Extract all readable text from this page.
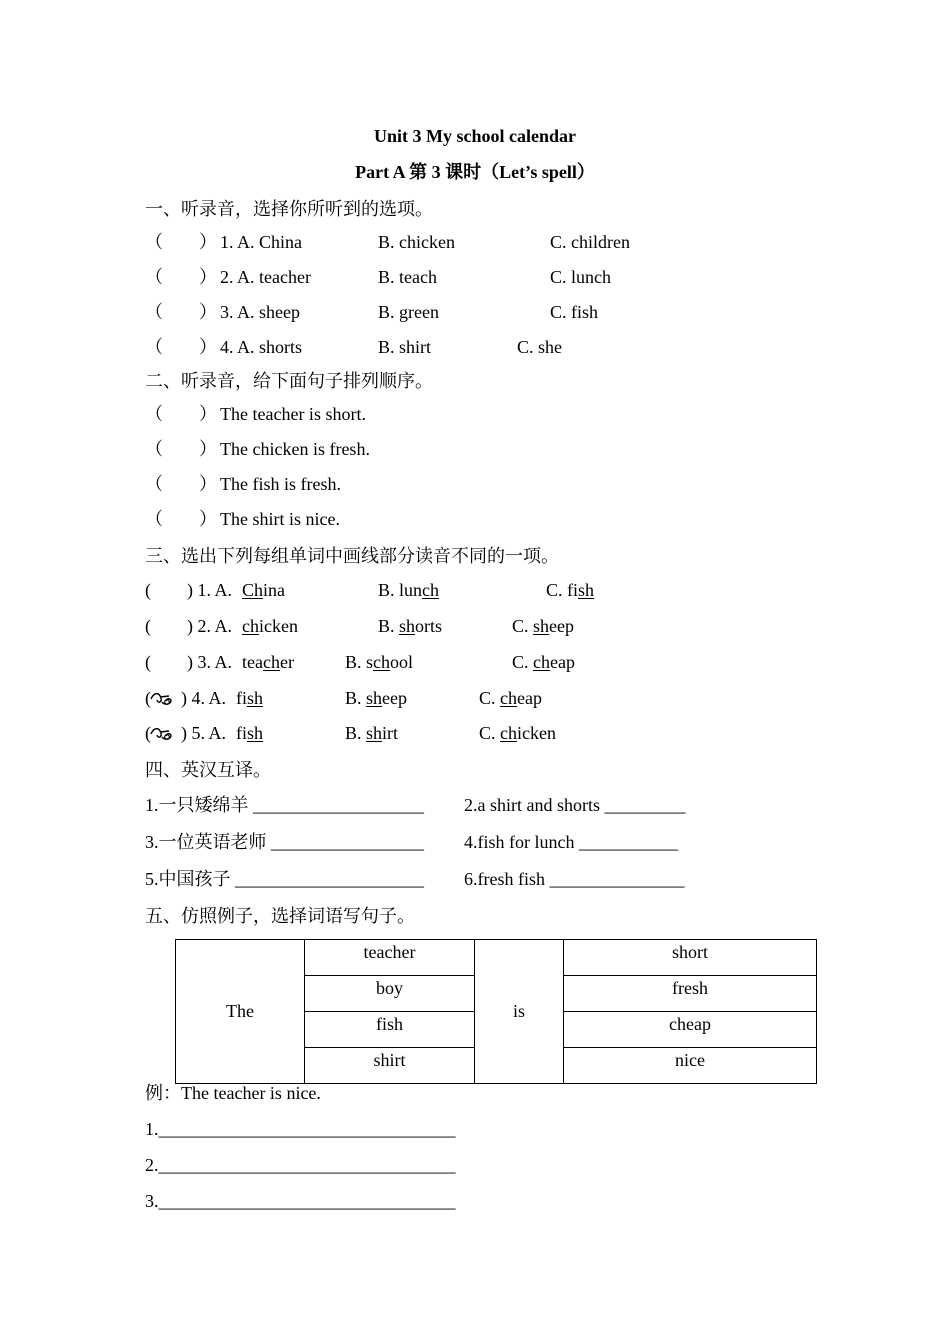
Unit 3 My school calendar
Part A 第 3 课时（Let’s spell）
一、听录音，选择你所听到的选项。
（　　） 1. A. China	B. chicken	C. children
（　　） 2. A. teacher	B. teach	C. lunch
（　　） 3. A. sheep	B. green	C. fish
（　　） 4. A. shorts	B. shirt	C. she
二、听录音，给下面句子排列顺序。
（　　） The teacher is short.
（　　） The chicken is fresh.
（　　） The fish is fresh.
（　　） The shirt is nice.
三、选出下列每组单词中画线部分读音不同的一项。
( ) 1. A. China	B. lunch	C. fish
( ) 2. A. chicken	B. shorts	C. sheep
( ) 3. A. teacher	B. school	C. cheap
( ) 4. A. fish	B. sheep	C. cheap
( ) 5. A. fish	B. shirt	C. chicken
四、英汉互译。
1.一只矮绵羊 ___________________ 2.a shirt and shorts _________
3.一位英语老师 _________________ 4.fish for lunch ___________
5.中国孩子 _____________________ 6.fresh fish _______________
五、仿照例子，选择词语写句子。
The	teacher	is	short
	boy		fresh
	fish		cheap
	shirt		nice
例：The teacher is nice.
1._________________________________
2._________________________________
3._________________________________
